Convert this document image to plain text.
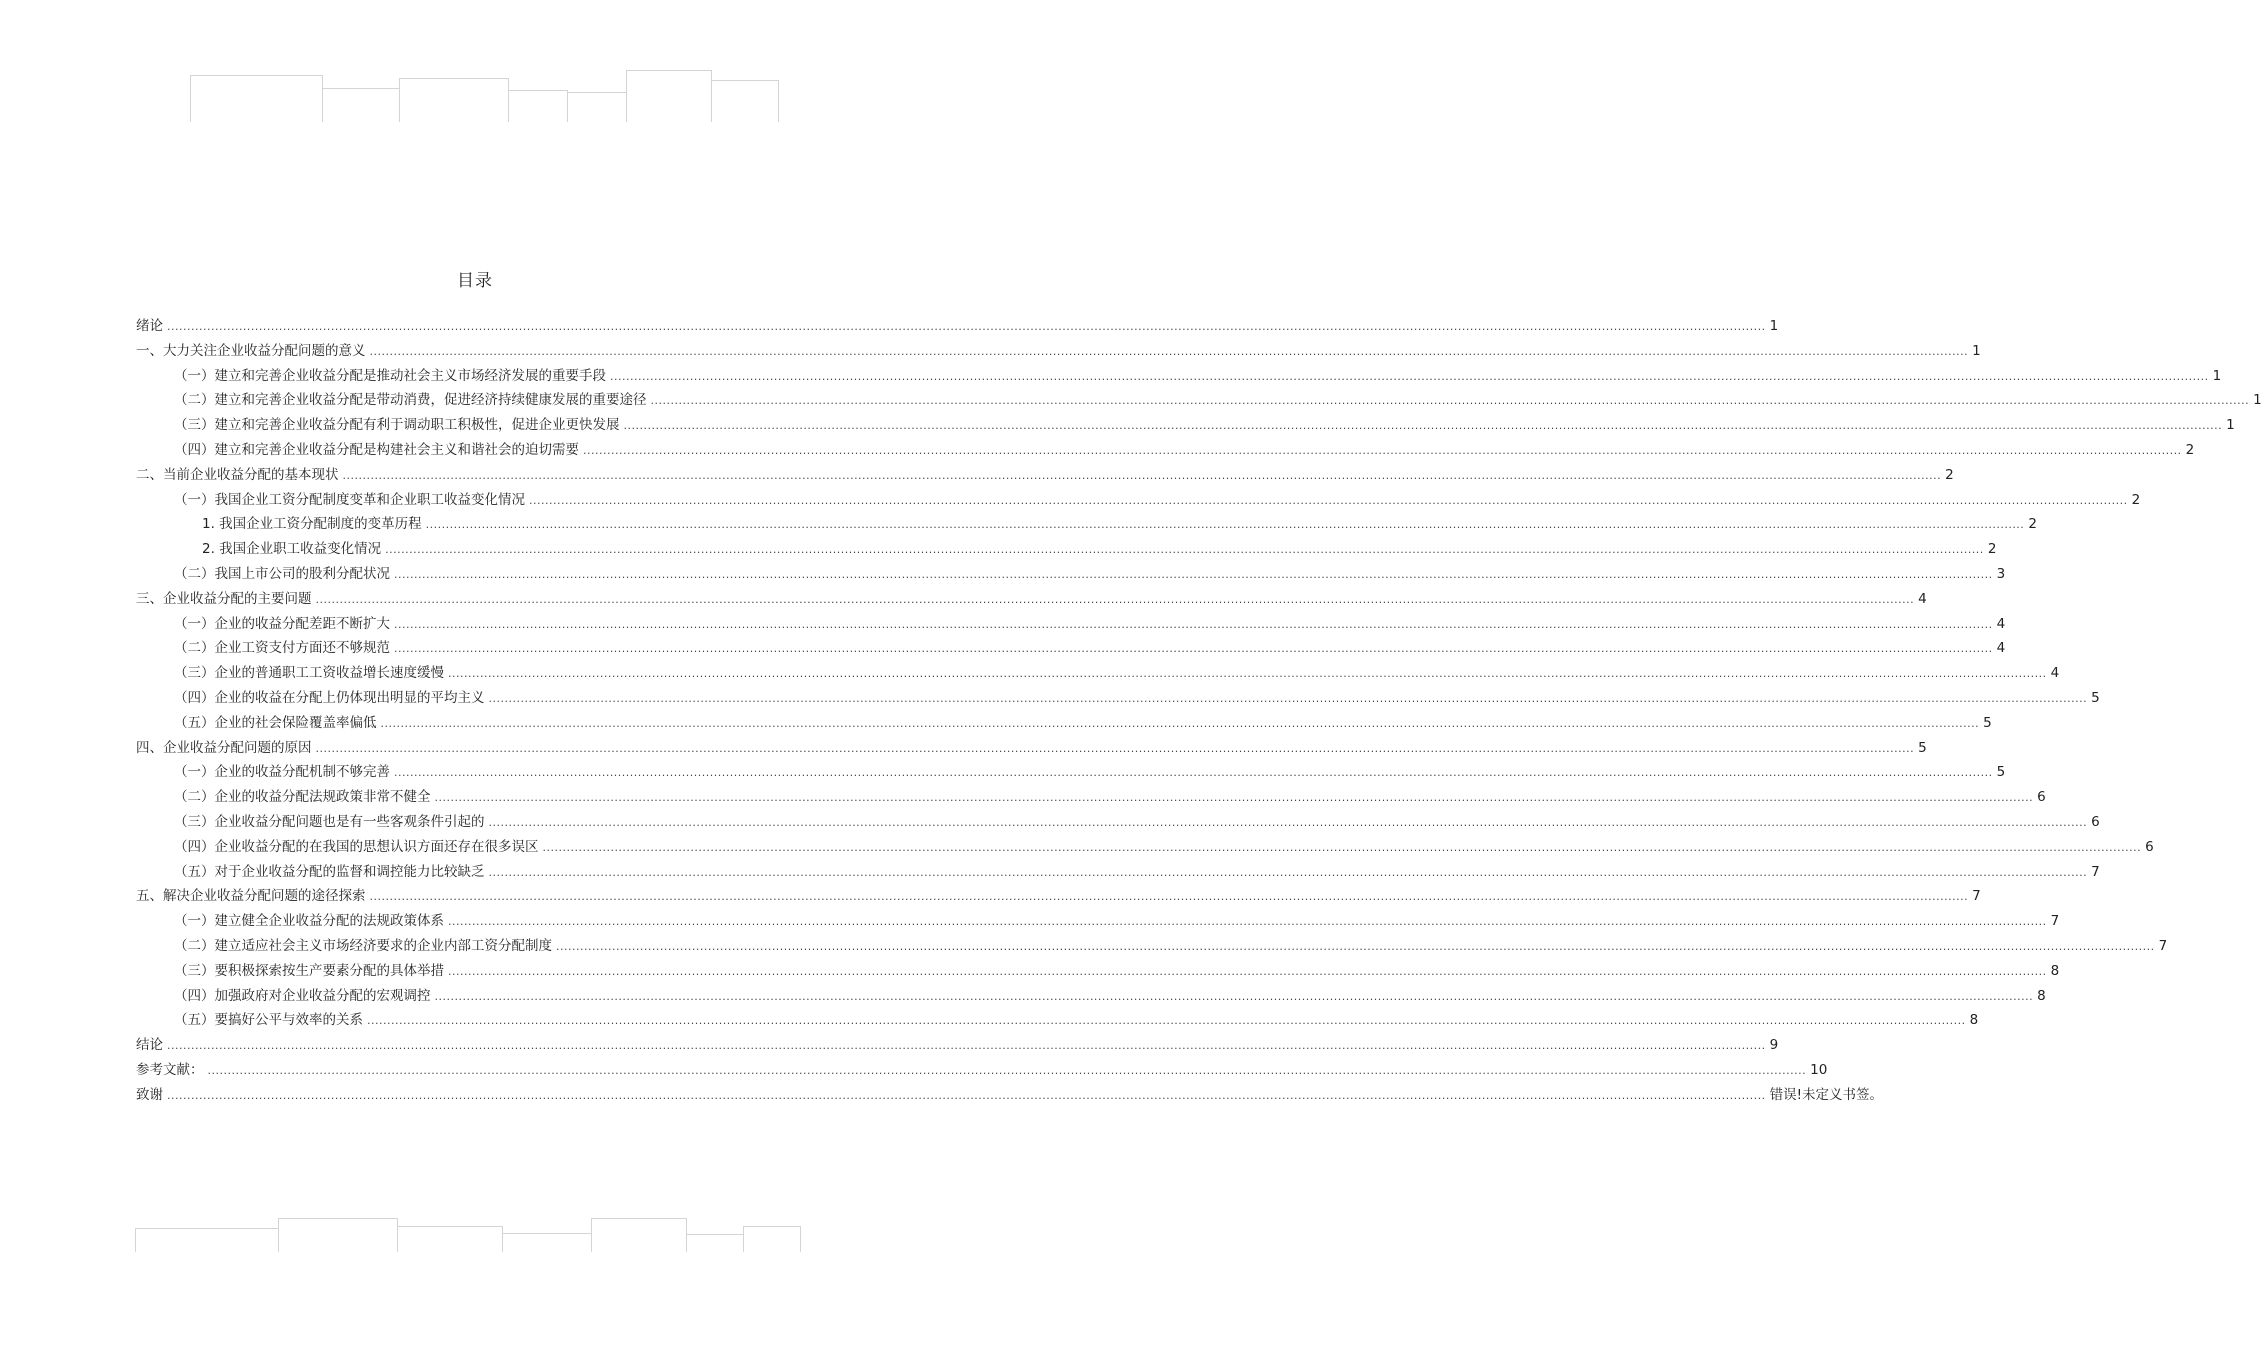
目录
绪论 ................................................................................................................................................................................................................................................................................................................................................................................................................ 1
一、大力关注企业收益分配问题的意义 ................................................................................................................................................................................................................................................................................................................................................................................................................ 1
（一）建立和完善企业收益分配是推动社会主义市场经济发展的重要手段 ................................................................................................................................................................................................................................................................................................................................................................................................................ 1
（二）建立和完善企业收益分配是带动消费，促进经济持续健康发展的重要途径 ................................................................................................................................................................................................................................................................................................................................................................................................................ 1
（三）建立和完善企业收益分配有利于调动职工积极性，促进企业更快发展 ................................................................................................................................................................................................................................................................................................................................................................................................................ 1
（四）建立和完善企业收益分配是构建社会主义和谐社会的迫切需要 ................................................................................................................................................................................................................................................................................................................................................................................................................ 2
二、当前企业收益分配的基本现状 ................................................................................................................................................................................................................................................................................................................................................................................................................ 2
（一）我国企业工资分配制度变革和企业职工收益变化情况 ................................................................................................................................................................................................................................................................................................................................................................................................................ 2
1. 我国企业工资分配制度的变革历程 ................................................................................................................................................................................................................................................................................................................................................................................................................ 2
2. 我国企业职工收益变化情况 ................................................................................................................................................................................................................................................................................................................................................................................................................ 2
（二）我国上市公司的股利分配状况 ................................................................................................................................................................................................................................................................................................................................................................................................................ 3
三、企业收益分配的主要问题 ................................................................................................................................................................................................................................................................................................................................................................................................................ 4
（一）企业的收益分配差距不断扩大 ................................................................................................................................................................................................................................................................................................................................................................................................................ 4
（二）企业工资支付方面还不够规范 ................................................................................................................................................................................................................................................................................................................................................................................................................ 4
（三）企业的普通职工工资收益增长速度缓慢 ................................................................................................................................................................................................................................................................................................................................................................................................................ 4
（四）企业的收益在分配上仍体现出明显的平均主义 ................................................................................................................................................................................................................................................................................................................................................................................................................ 5
（五）企业的社会保险覆盖率偏低 ................................................................................................................................................................................................................................................................................................................................................................................................................ 5
四、企业收益分配问题的原因 ................................................................................................................................................................................................................................................................................................................................................................................................................ 5
（一）企业的收益分配机制不够完善 ................................................................................................................................................................................................................................................................................................................................................................................................................ 5
（二）企业的收益分配法规政策非常不健全 ................................................................................................................................................................................................................................................................................................................................................................................................................ 6
（三）企业收益分配问题也是有一些客观条件引起的 ................................................................................................................................................................................................................................................................................................................................................................................................................ 6
（四）企业收益分配的在我国的思想认识方面还存在很多误区 ................................................................................................................................................................................................................................................................................................................................................................................................................ 6
（五）对于企业收益分配的监督和调控能力比较缺乏 ................................................................................................................................................................................................................................................................................................................................................................................................................ 7
五、解决企业收益分配问题的途径探索 ................................................................................................................................................................................................................................................................................................................................................................................................................ 7
（一）建立健全企业收益分配的法规政策体系 ................................................................................................................................................................................................................................................................................................................................................................................................................ 7
（二）建立适应社会主义市场经济要求的企业内部工资分配制度 ................................................................................................................................................................................................................................................................................................................................................................................................................ 7
（三）要积极探索按生产要素分配的具体举措 ................................................................................................................................................................................................................................................................................................................................................................................................................ 8
（四）加强政府对企业收益分配的宏观调控 ................................................................................................................................................................................................................................................................................................................................................................................................................ 8
（五）要搞好公平与效率的关系 ................................................................................................................................................................................................................................................................................................................................................................................................................ 8
结论 ................................................................................................................................................................................................................................................................................................................................................................................................................ 9
参考文献： ................................................................................................................................................................................................................................................................................................................................................................................................................ 10
致谢 ................................................................................................................................................................................................................................................................................................................................................................................................................ 错误!未定义书签。
